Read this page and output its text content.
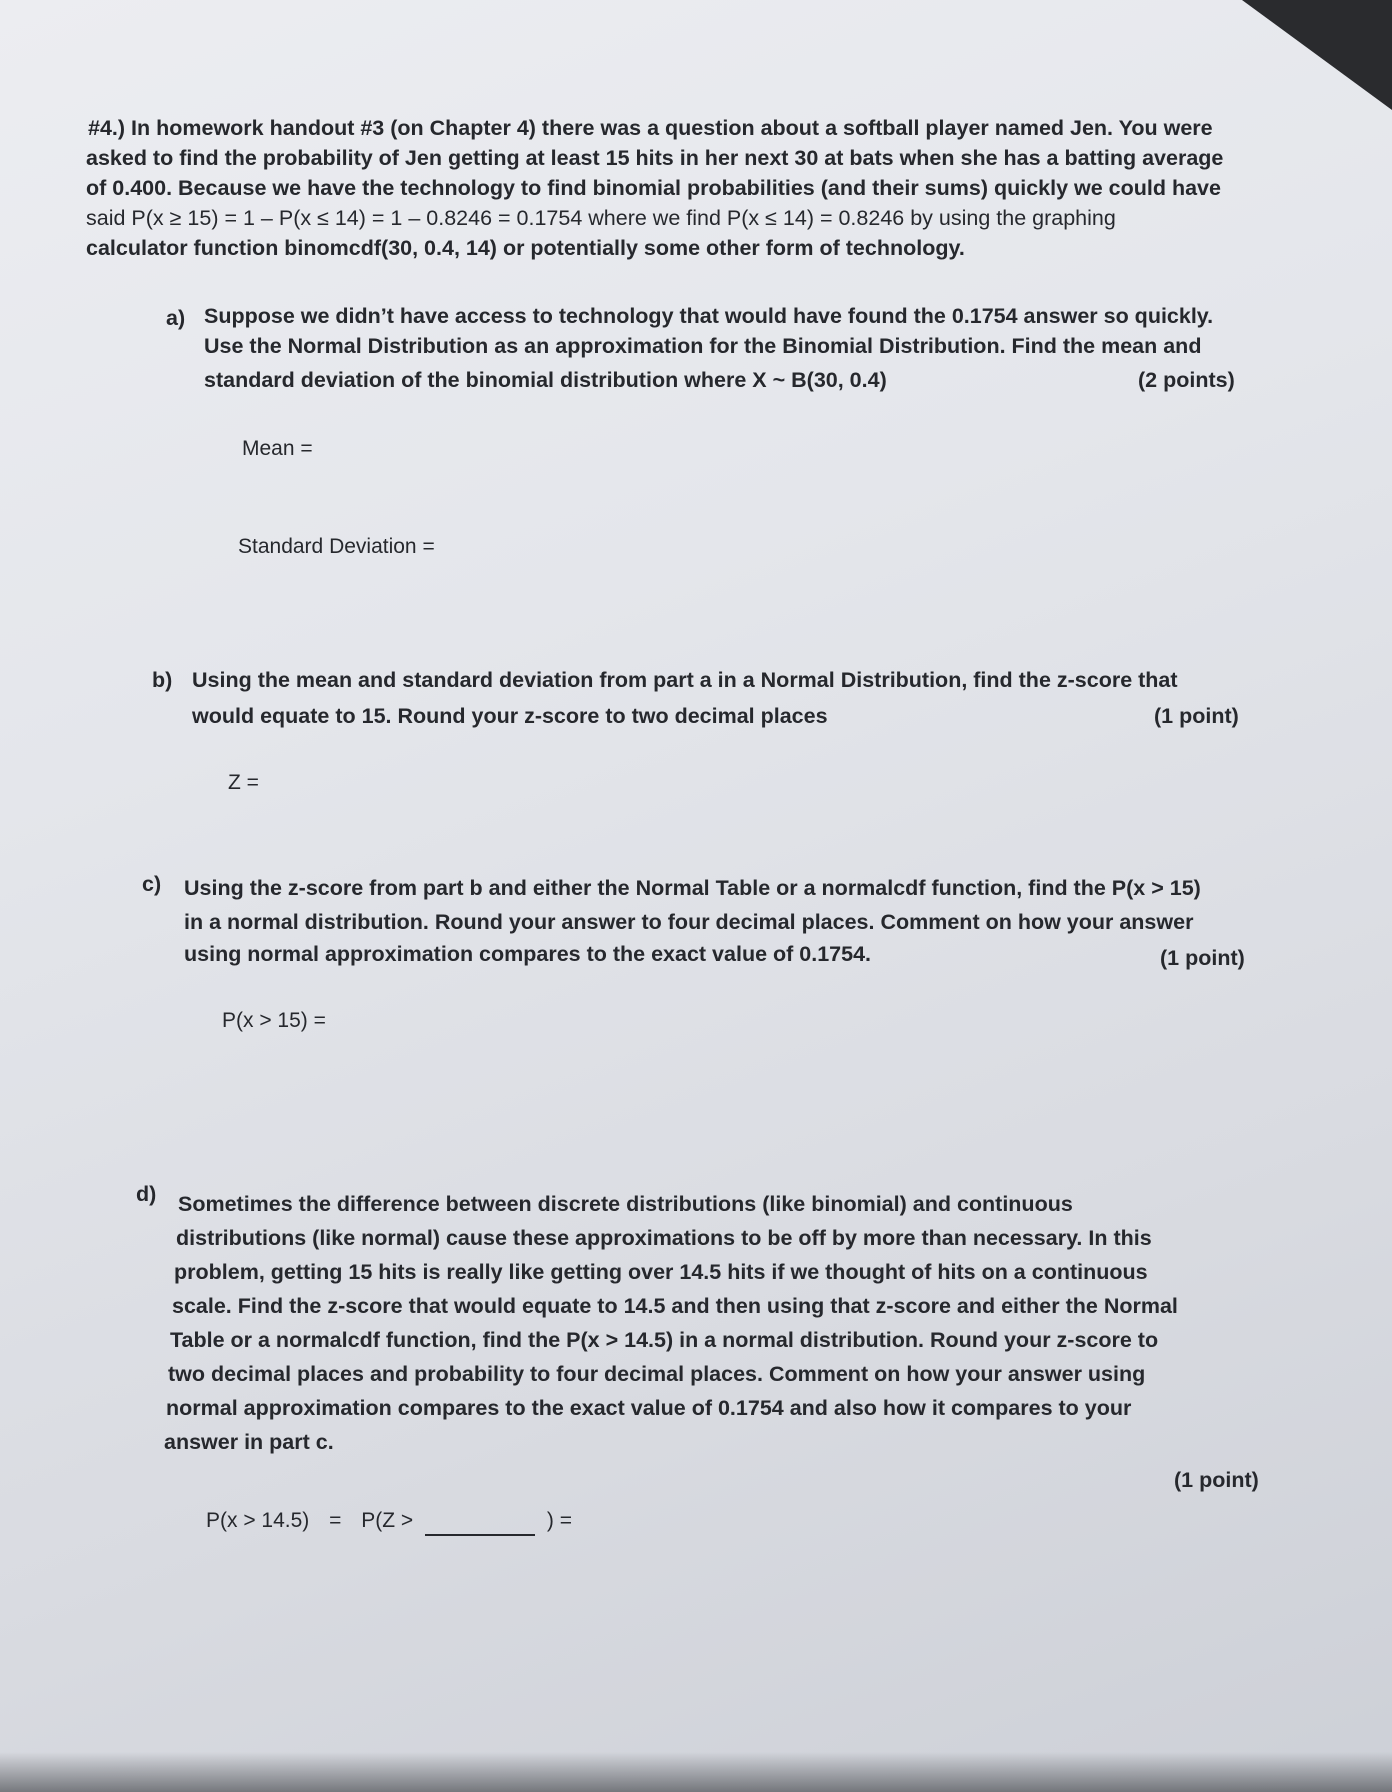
#4.) In homework handout #3 (on Chapter 4) there was a question about a softball player named Jen. You were
asked to find the probability of Jen getting at least 15 hits in her next 30 at bats when she has a batting average
of 0.400. Because we have the technology to find binomial probabilities (and their sums) quickly we could have
said P(x ≥ 15) = 1 – P(x ≤ 14) = 1 – 0.8246 = 0.1754 where we find P(x ≤ 14) = 0.8246 by using the graphing
calculator function binomcdf(30, 0.4, 14) or potentially some other form of technology.
a) Suppose we didn’t have access to technology that would have found the 0.1754 answer so quickly.
Use the Normal Distribution as an approximation for the Binomial Distribution. Find the mean and
standard deviation of the binomial distribution where X ~ B(30, 0.4)	(2 points)
Mean =
Standard Deviation =
b) Using the mean and standard deviation from part a in a Normal Distribution, find the z-score that
would equate to 15. Round your z-score to two decimal places	(1 point)
Z =
c) Using the z-score from part b and either the Normal Table or a normalcdf function, find the P(x > 15)
in a normal distribution. Round your answer to four decimal places. Comment on how your answer
using normal approximation compares to the exact value of 0.1754.	(1 point)
P(x > 15) =
d) Sometimes the difference between discrete distributions (like binomial) and continuous
distributions (like normal) cause these approximations to be off by more than necessary. In this
problem, getting 15 hits is really like getting over 14.5 hits if we thought of hits on a continuous
scale. Find the z-score that would equate to 14.5 and then using that z-score and either the Normal
Table or a normalcdf function, find the P(x > 14.5) in a normal distribution. Round your z-score to
two decimal places and probability to four decimal places. Comment on how your answer using
normal approximation compares to the exact value of 0.1754 and also how it compares to your
answer in part c.
(1 point)
P(x > 14.5) = P(Z >	) =
